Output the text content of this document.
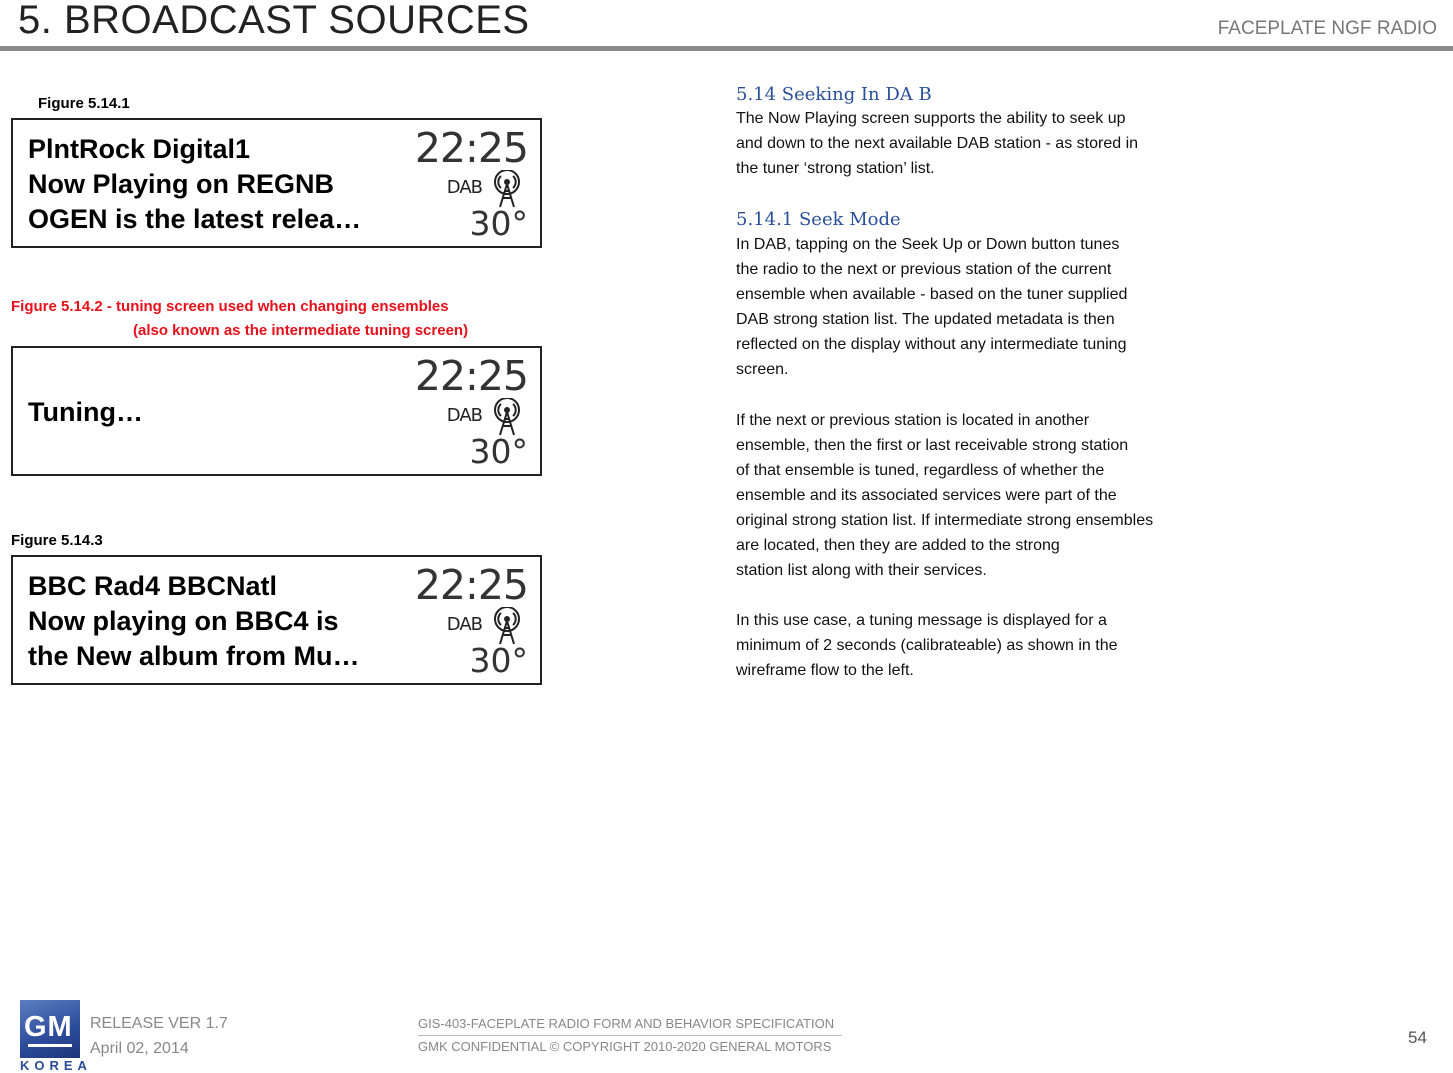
5. BROADCAST SOURCES	FACEPLATE NGF RADIO
Figure 5.14.1
PlntRock Digital1
Now Playing on REGNB
OGEN is the latest relea…
22:25
DAB
30°
Figure 5.14.2 - tuning screen used when changing ensembles
(also known as the intermediate tuning screen)
Tuning…
22:25
DAB
30°
Figure 5.14.3
BBC Rad4 BBCNatl
Now playing on BBC4 is
the New album from Mu…
22:25
DAB
30°
5.14 Seeking In DA B

The Now Playing screen supports the ability to seek up

and down to the next available DAB station - as stored in

the tuner ‘strong station’ list.

5.14.1 Seek Mode

In DAB, tapping on the Seek Up or Down button tunes

the radio to the next or previous station of the current

ensemble when available - based on the tuner supplied

DAB strong station list. The updated metadata is then

reflected on the display without any intermediate tuning

screen.

If the next or previous station is located in another

ensemble, then the first or last receivable strong station

of that ensemble is tuned, regardless of whether the

ensemble and its associated services were part of the

original strong station list. If intermediate strong ensembles

are located, then they are added to the strong

station list along with their services.

In this use case, a tuning message is displayed for a

minimum of 2 seconds (calibrateable) as shown in the

wireframe flow to the left.

GM
KOREA
RELEASE VER 1.7
April 02, 2014
GIS-403-FACEPLATE RADIO FORM AND BEHAVIOR SPECIFICATION
GMK CONFIDENTIAL © COPYRIGHT 2010-2020 GENERAL MOTORS	54
